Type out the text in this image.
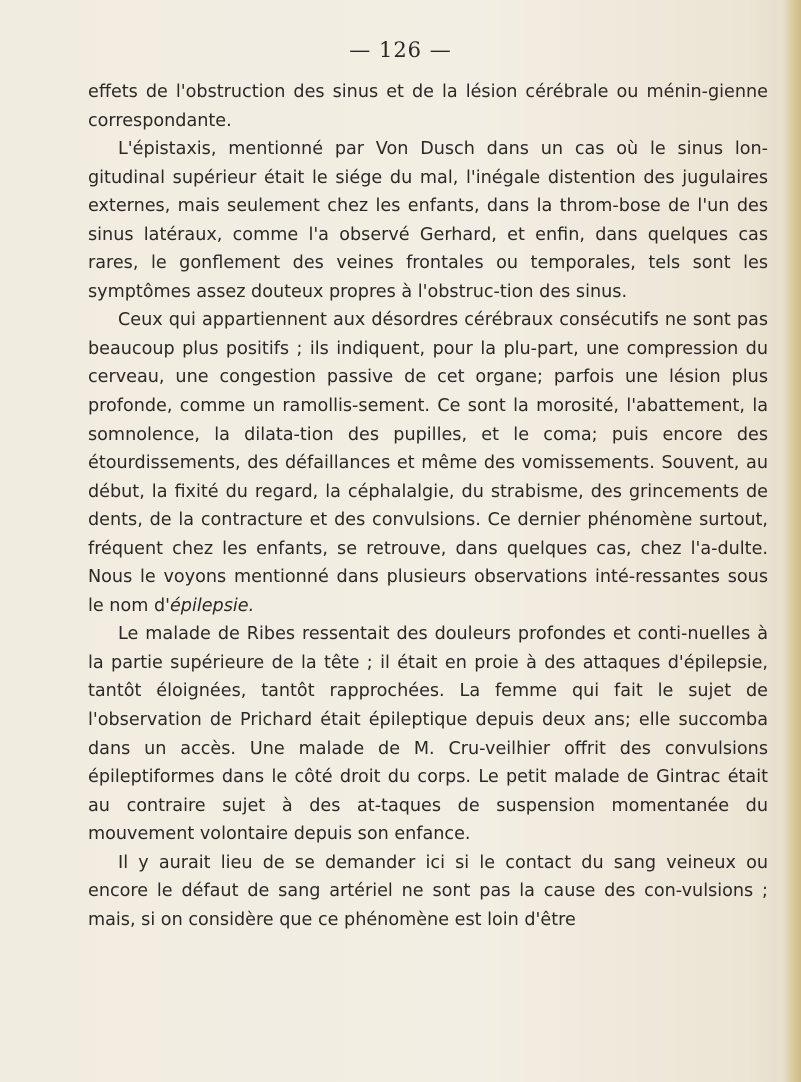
— 126 —

effets de l'obstruction des sinus et de la lésion cérébrale ou ménin-gienne correspondante.

L'épistaxis, mentionné par Von Dusch dans un cas où le sinus lon-gitudinal supérieur était le siége du mal, l'inégale distention des jugulaires externes, mais seulement chez les enfants, dans la throm-bose de l'un des sinus latéraux, comme l'a observé Gerhard, et enfin, dans quelques cas rares, le gonflement des veines frontales ou temporales, tels sont les symptômes assez douteux propres à l'obstruc-tion des sinus.

Ceux qui appartiennent aux désordres cérébraux consécutifs ne sont pas beaucoup plus positifs ; ils indiquent, pour la plu-part, une compression du cerveau, une congestion passive de cet organe; parfois une lésion plus profonde, comme un ramollis-sement. Ce sont la morosité, l'abattement, la somnolence, la dilata-tion des pupilles, et le coma; puis encore des étourdissements, des défaillances et même des vomissements. Souvent, au début, la fixité du regard, la céphalalgie, du strabisme, des grincements de dents, de la contracture et des convulsions. Ce dernier phénomène surtout, fréquent chez les enfants, se retrouve, dans quelques cas, chez l'a-dulte. Nous le voyons mentionné dans plusieurs observations inté-ressantes sous le nom d'épilepsie.

Le malade de Ribes ressentait des douleurs profondes et conti-nuelles à la partie supérieure de la tête ; il était en proie à des attaques d'épilepsie, tantôt éloignées, tantôt rapprochées. La femme qui fait le sujet de l'observation de Prichard était épileptique depuis deux ans; elle succomba dans un accès. Une malade de M. Cru-veilhier offrit des convulsions épileptiformes dans le côté droit du corps. Le petit malade de Gintrac était au contraire sujet à des at-taques de suspension momentanée du mouvement volontaire depuis son enfance.

Il y aurait lieu de se demander ici si le contact du sang veineux ou encore le défaut de sang artériel ne sont pas la cause des con-vulsions ; mais, si on considère que ce phénomène est loin d'être
